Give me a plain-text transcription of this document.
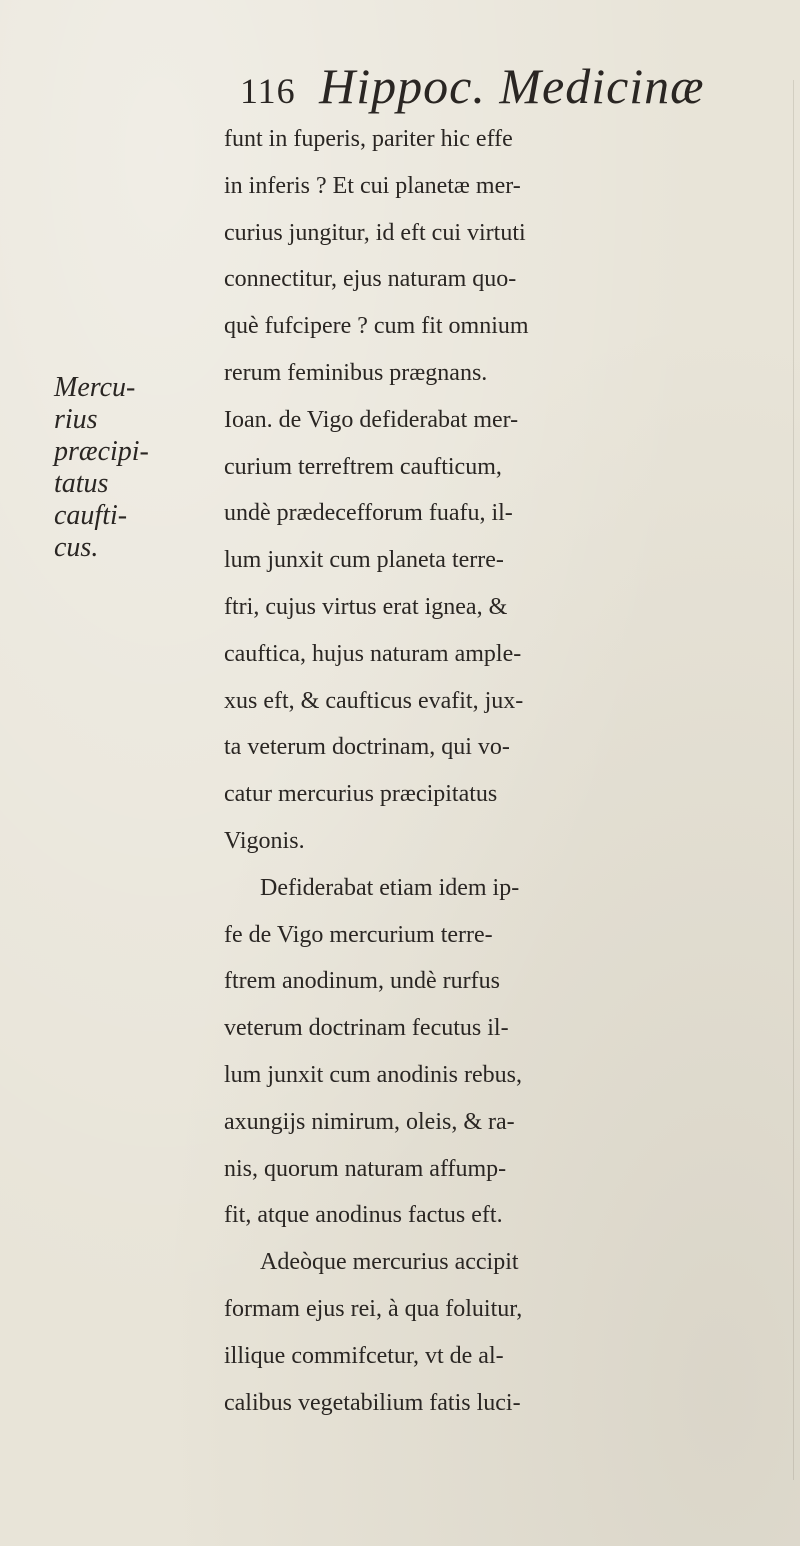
116 Hippoc. Medicinæ
Mercu-
rius
præcipi-
tatus
caufti-
cus.
funt in fuperis, pariter hic effe
in inferis ? Et cui planetæ mer-
curius jungitur, id eft cui virtuti
connectitur, ejus naturam quo-
què fufcipere ? cum fit omnium
rerum feminibus prægnans.
Ioan. de Vigo defiderabat mer-
curium terreftrem caufticum,
undè prædecefforum fuafu, il-
lum junxit cum planeta terre-
ftri, cujus virtus erat ignea, &
cauftica, hujus naturam ample-
xus eft, & caufticus evafit, jux-
ta veterum doctrinam, qui vo-
catur mercurius præcipitatus
Vigonis.
Defiderabat etiam idem ip-
fe de Vigo mercurium terre-
ftrem anodinum, undè rurfus
veterum doctrinam fecutus il-
lum junxit cum anodinis rebus,
axungijs nimirum, oleis, & ra-
nis, quorum naturam affump-
fit, atque anodinus factus eft.
Adeòque mercurius accipit
formam ejus rei, à qua foluitur,
illique commifcetur, vt de al-
calibus vegetabilium fatis luci-
